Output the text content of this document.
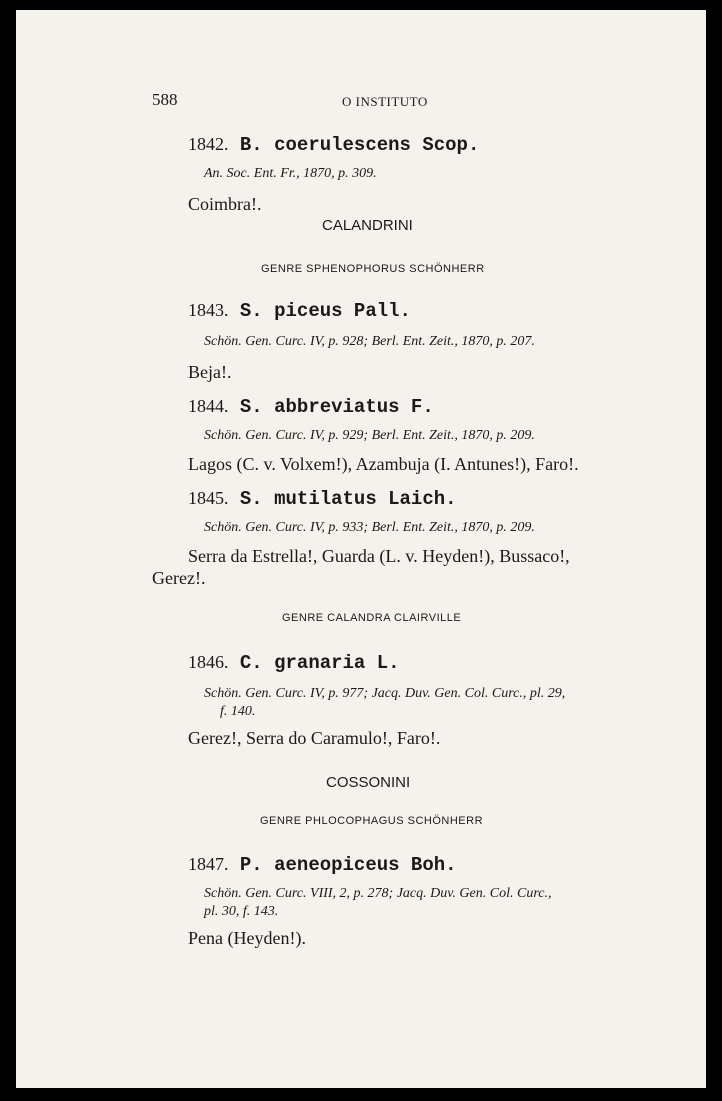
588	O INSTITUTO
1842. B. coerulescens Scop.
An. Soc. Ent. Fr., 1870, p. 309.
Coimbra!.
CALANDRINI
GENRE SPHENOPHORUS SCHÖNHERR
1843. S. piceus Pall.
Schön. Gen. Curc. IV, p. 928; Berl. Ent. Zeit., 1870, p. 207.
Beja!.
1844. S. abbreviatus F.
Schön. Gen. Curc. IV, p. 929; Berl. Ent. Zeit., 1870, p. 209.
Lagos (C. v. Volxem!), Azambuja (I. Antunes!), Faro!.
1845. S. mutilatus Laich.
Schön. Gen. Curc. IV, p. 933; Berl. Ent. Zeit., 1870, p. 209.
Serra da Estrella!, Guarda (L. v. Heyden!), Bussaco!,
Gerez!.
GENRE CALANDRA CLAIRVILLE
1846. C. granaria L.
Schön. Gen. Curc. IV, p. 977; Jacq. Duv. Gen. Col. Curc., pl. 29,
f. 140.
Gerez!, Serra do Caramulo!, Faro!.
COSSONINI
GENRE PHLOCOPHAGUS SCHÖNHERR
1847. P. aeneopiceus Boh.
Schön. Gen. Curc. VIII, 2, p. 278; Jacq. Duv. Gen. Col. Curc.,
pl. 30, f. 143.
Pena (Heyden!).
